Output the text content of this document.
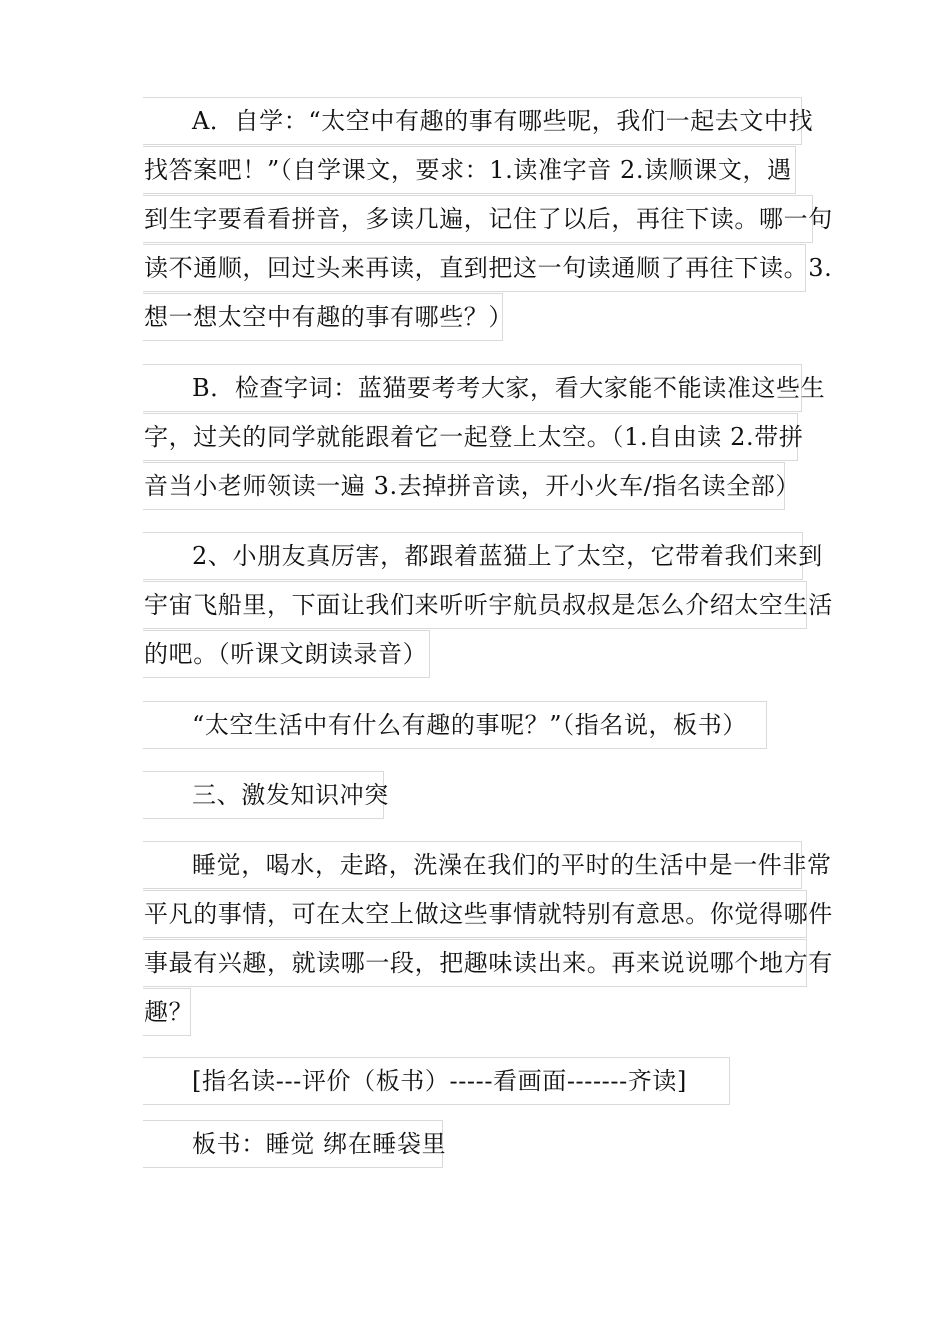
A．自学：“太空中有趣的事有哪些呢，我们一起去文中找
找答案吧！”（自学课文，要求：1.读准字音 2.读顺课文，遇
到生字要看看拼音，多读几遍，记住了以后，再往下读。哪一句
读不通顺，回过头来再读，直到把这一句读通顺了再往下读。3.
想一想太空中有趣的事有哪些？）
B．检查字词：蓝猫要考考大家，看大家能不能读准这些生
字，过关的同学就能跟着它一起登上太空。（1.自由读 2.带拼
音当小老师领读一遍 3.去掉拼音读，开小火车/指名读全部）
2、小朋友真厉害，都跟着蓝猫上了太空，它带着我们来到
宇宙飞船里，下面让我们来听听宇航员叔叔是怎么介绍太空生活
的吧。（听课文朗读录音）
“太空生活中有什么有趣的事呢？”（指名说，板书）
三、激发知识冲突
睡觉，喝水，走路，洗澡在我们的平时的生活中是一件非常
平凡的事情，可在太空上做这些事情就特别有意思。你觉得哪件
事最有兴趣，就读哪一段，把趣味读出来。再来说说哪个地方有
趣？
[指名读---评价（板书）-----看画面-------齐读]
板书：睡觉 绑在睡袋里
